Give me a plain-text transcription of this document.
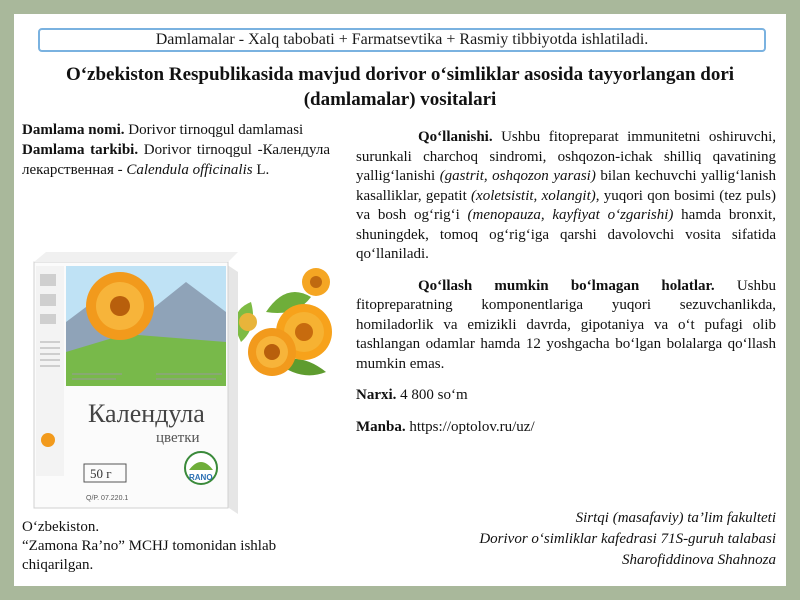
Damlamalar - Xalq tabobati + Farmatsevtika + Rasmiy tibbiyotda ishlatiladi.
O‘zbekiston Respublikasida mavjud dorivor o‘simliklar asosida tayyorlangan dori (damlamalar) vositalari

Damlama nomi. Dorivor tirnoqgul damlamasi

Damlama tarkibi. Dorivor tirnoqgul -Календула лекарственная - Calendula officinalis L.

Календула
цветки
50 г
Q/P. 07.220.1
RANO

O‘zbekiston.

“Zamona Ra’no” MCHJ tomonidan ishlab chiqarilgan.

Qo‘llanishi. Ushbu fitopreparat immunitetni oshiruvchi, surunkali charchoq sindromi, oshqozon-ichak shilliq qavatining yallig‘lanishi (gastrit, oshqozon yarasi) bilan kechuvchi yallig‘lanish kasalliklar, gepatit (xoletsistit, xolangit), yuqori qon bosimi (tez puls) va bosh og‘rig‘i (menopauza, kayfiyat o‘zgarishi) hamda bronxit, shuningdek, tomoq og‘rig‘iga qarshi davolovchi vosita sifatida qo‘llaniladi.

Qo‘llash mumkin bo‘lmagan holatlar. Ushbu fitopreparatning komponentlariga yuqori sezuvchanlikda, homiladorlik va emizikli davrda, gipotaniya va o‘t pufagi olib tashlangan odamlar hamda 12 yoshgacha bo‘lgan bolalarga qo‘llash mumkin emas.

Narxi. 4 800 so‘m

Manba. https://optolov.ru/uz/

Sirtqi (masafaviy) ta’lim fakulteti

Dorivor o‘simliklar kafedrasi 71S-guruh talabasi

Sharofiddinova Shahnoza
